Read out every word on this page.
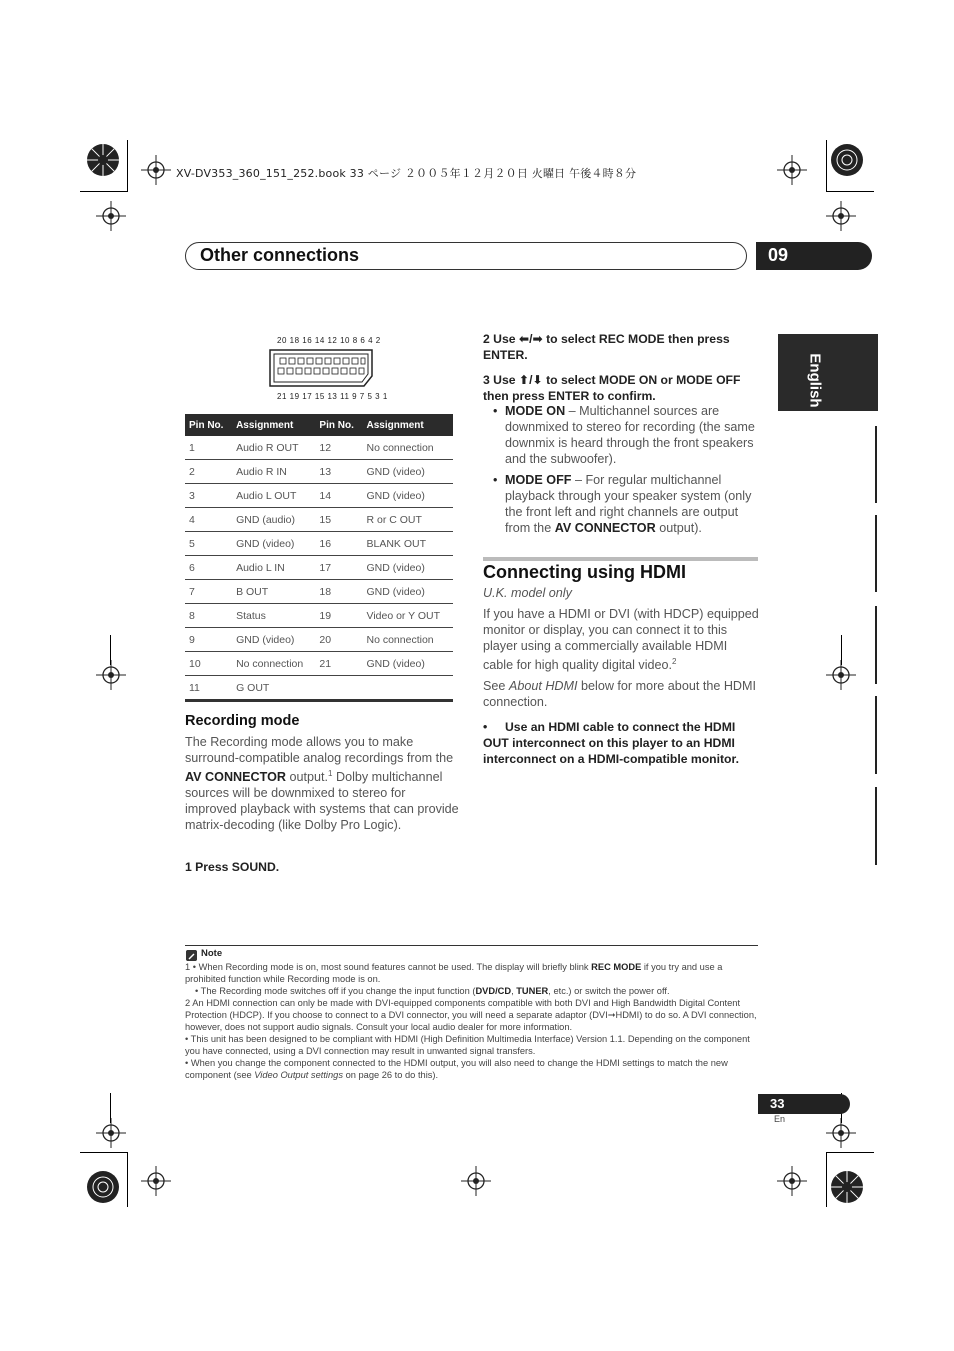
XV-DV353_360_151_252.book 33 ページ ２００５年１２月２０日 火曜日 午後４時８分
Other connections	09
English
20 18 16 14 12 10 8 6 4 2
21 19 17 15 13 11 9 7 5 3 1
Pin No.	Assignment	Pin No.	Assignment
1	Audio R OUT	12	No connection
2	Audio R IN	13	GND (video)
3	Audio L OUT	14	GND (video)
4	GND (audio)	15	R or C OUT
5	GND (video)	16	BLANK OUT
6	Audio L IN	17	GND (video)
7	B OUT	18	GND (video)
8	Status	19	Video or Y OUT
9	GND (video)	20	No connection
10	No connection	21	GND (video)
11	G OUT		
Recording mode
The Recording mode allows you to make surround-compatible analog recordings from the AV CONNECTOR output.$^1$ Dolby multichannel sources will be downmixed to stereo for improved playback with systems that can provide matrix-decoding (like Dolby Pro Logic).
1 Press SOUND.
2 Use ⬅/➡ to select REC MODE then press ENTER.
3 Use ⬆/⬇ to select MODE ON or MODE OFF then press ENTER to confirm.
• MODE ON – Multichannel sources are downmixed to stereo for recording (the same downmix is heard through the front speakers and the subwoofer).
• MODE OFF – For regular multichannel playback through your speaker system (only the front left and right channels are output from the AV CONNECTOR output).
Connecting using HDMI
U.K. model only
If you have a HDMI or DVI (with HDCP) equipped monitor or display, you can connect it to this player using a commercially available HDMI cable for high quality digital video.$^2$
See About HDMI below for more about the HDMI connection.
• Use an HDMI cable to connect the HDMI OUT interconnect on this player to an HDMI interconnect on a HDMI-compatible monitor.
Note
1 • When Recording mode is on, most sound features cannot be used. The display will briefly blink REC MODE if you try and use a prohibited function while Recording mode is on.
• The Recording mode switches off if you change the input function (DVD/CD, TUNER, etc.) or switch the power off.
2 An HDMI connection can only be made with DVI-equipped components compatible with both DVI and High Bandwidth Digital Content Protection (HDCP). If you choose to connect to a DVI connector, you will need a separate adaptor (DVI➞HDMI) to do so. A DVI connection, however, does not support audio signals. Consult your local audio dealer for more information.
• This unit has been designed to be compliant with HDMI (High Definition Multimedia Interface) Version 1.1. Depending on the component you have connected, using a DVI connection may result in unwanted signal transfers.
• When you change the component connected to the HDMI output, you will also need to change the HDMI settings to match the new component (see Video Output settings on page 26 to do this).
33
En
